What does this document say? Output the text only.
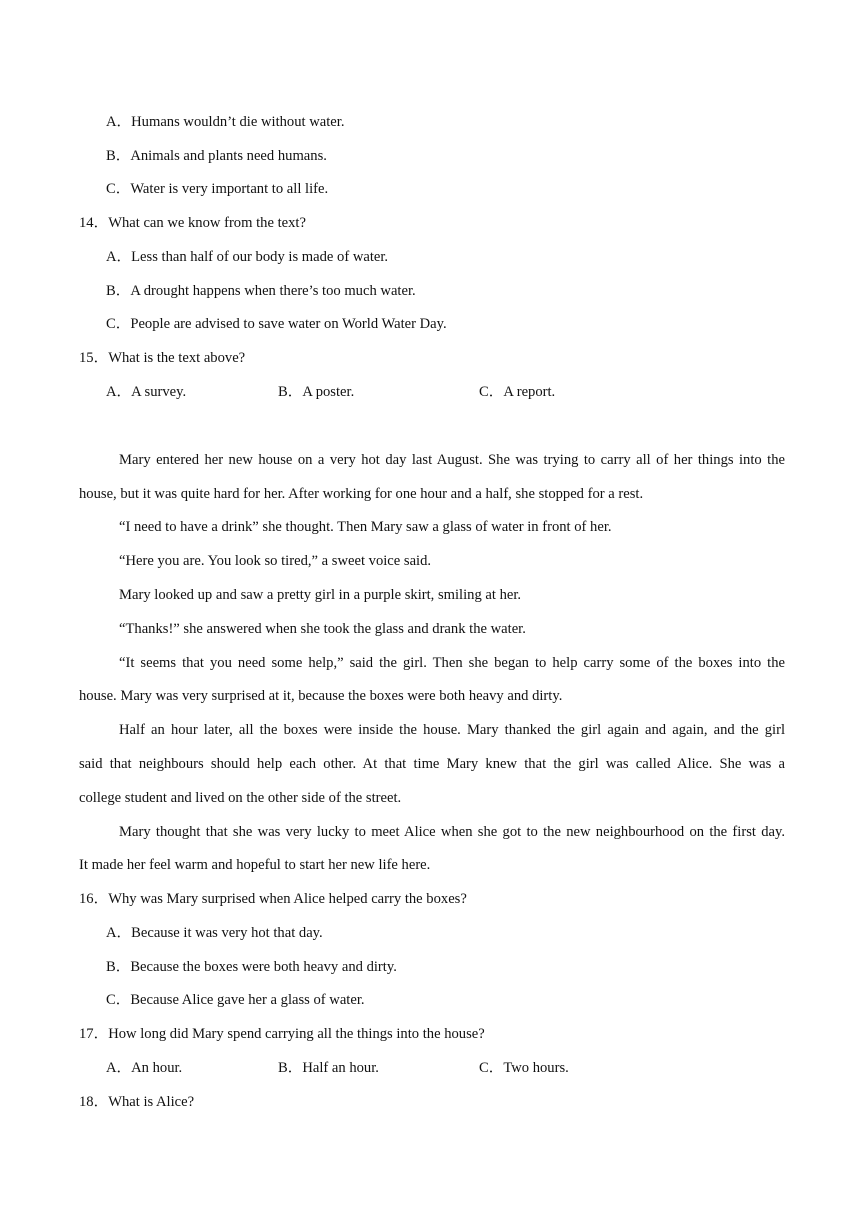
A．Humans wouldn’t die without water.
B．Animals and plants need humans.
C．Water is very important to all life.
14．What can we know from the text?
A．Less than half of our body is made of water.
B．A drought happens when there’s too much water.
C．People are advised to save water on World Water Day.
15．What is the text above?
A．A survey.	B．A poster.	C．A report.
Mary entered her new house on a very hot day last August. She was trying to carry all of her things into the
house, but it was quite hard for her. After working for one hour and a half, she stopped for a rest.
“I need to have a drink” she thought. Then Mary saw a glass of water in front of her.
“Here you are. You look so tired,” a sweet voice said.
Mary looked up and saw a pretty girl in a purple skirt, smiling at her.
“Thanks!” she answered when she took the glass and drank the water.
“It seems that you need some help,” said the girl. Then she began to help carry some of the boxes into the
house. Mary was very surprised at it, because the boxes were both heavy and dirty.
Half an hour later, all the boxes were inside the house. Mary thanked the girl again and again, and the girl
said that neighbours should help each other. At that time Mary knew that the girl was called Alice. She was a
college student and lived on the other side of the street.
Mary thought that she was very lucky to meet Alice when she got to the new neighbourhood on the first day.
It made her feel warm and hopeful to start her new life here.
16．Why was Mary surprised when Alice helped carry the boxes?
A．Because it was very hot that day.
B．Because the boxes were both heavy and dirty.
C．Because Alice gave her a glass of water.
17．How long did Mary spend carrying all the things into the house?
A．An hour.	B．Half an hour.	C．Two hours.
18．What is Alice?
